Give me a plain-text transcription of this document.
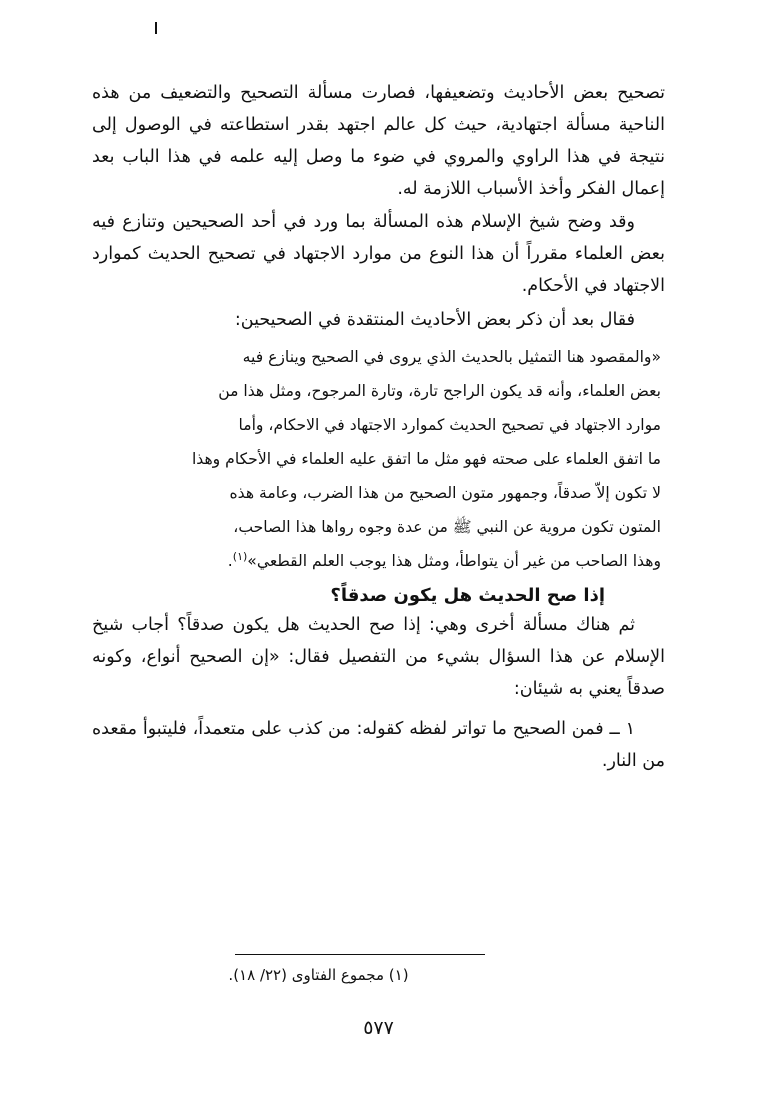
تصحيح بعض الأحاديث وتضعيفها، فصارت مسألة التصحيح والتضعيف من هذه الناحية مسألة اجتهادية، حيث كل عالم اجتهد بقدر استطاعته في الوصول إلى نتيجة في هذا الراوي والمروي في ضوء ما وصل إليه علمه في هذا الباب بعد إعمال الفكر وأخذ الأسباب اللازمة له.

وقد وضح شيخ الإسلام هذه المسألة بما ورد في أحد الصحيحين وتنازع فيه بعض العلماء مقرراً أن هذا النوع من موارد الاجتهاد في تصحيح الحديث كموارد الاجتهاد في الأحكام.

فقال بعد أن ذكر بعض الأحاديث المنتقدة في الصحيحين:

«والمقصود هنا التمثيل بالحديث الذي يروى في الصحيح وينازع فيه

بعض العلماء، وأنه قد يكون الراجح تارة، وتارة المرجوح، ومثل هذا من

موارد الاجتهاد في تصحيح الحديث كموارد الاجتهاد في الاحكام، وأما

ما اتفق العلماء على صحته فهو مثل ما اتفق عليه العلماء في الأحكام وهذا

لا تكون إلاّ صدقاً، وجمهور متون الصحيح من هذا الضرب، وعامة هذه

المتون تكون مروية عن النبي ﷺ من عدة وجوه رواها هذا الصاحب،

وهذا الصاحب من غير أن يتواطأ، ومثل هذا يوجب العلم القطعي»$^{(١)}$.

إذا صح الحديث هل يكون صدقاً؟

ثم هناك مسألة أخرى وهي: إذا صح الحديث هل يكون صدقاً؟ أجاب شيخ الإسلام عن هذا السؤال بشيء من التفصيل فقال: «إن الصحيح أنواع، وكونه صدقاً يعني به شيئان:

١ ــ فمن الصحيح ما تواتر لفظه كقوله: من كذب على متعمداً، فليتبوأ مقعده من النار.

(١) مجموع الفتاوى (٢٢/ ١٨).

٥٧٧
